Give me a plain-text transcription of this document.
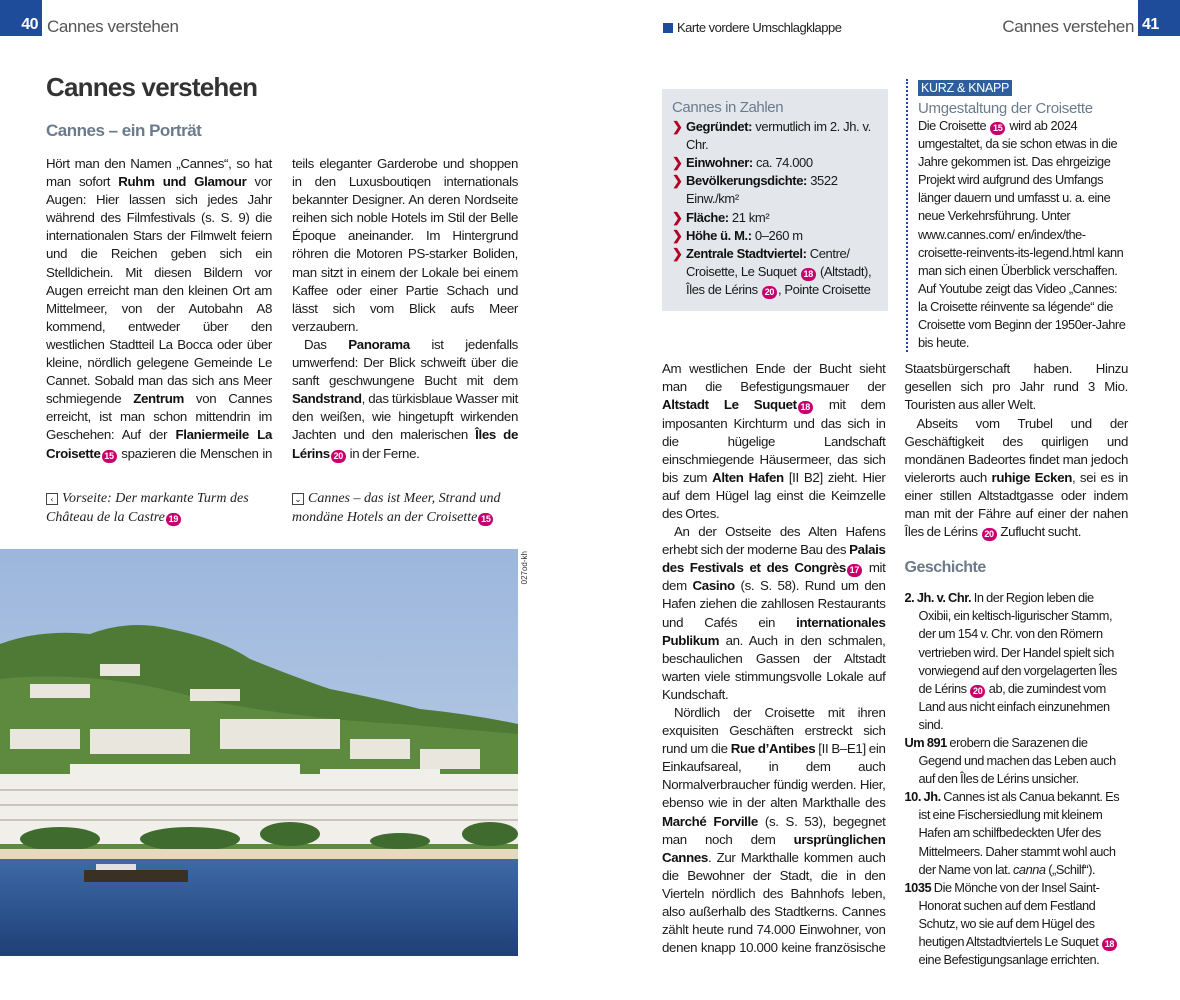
40 Cannes verstehen
Cannes verstehen
Cannes – ein Porträt

Hört man den Namen „Cannes“, so hat man sofort Ruhm und Glamour vor Augen: Hier lassen sich jedes Jahr während des Filmfestivals (s. S. 9) die internationalen Stars der Filmwelt feiern und die Reichen geben sich ein Stelldichein. Mit diesen Bildern vor Augen erreicht man den kleinen Ort am Mittelmeer, von der Autobahn A8 kommend, entweder über den westlichen Stadtteil La Bocca oder über kleine, nördlich gelegene Gemeinde Le Cannet. Sobald man das sich ans Meer schmiegende Zentrum von Cannes erreicht, ist man schon mittendrin im Geschehen: Auf der Flaniermeile La Croisette 15 spazieren die Menschen in teils eleganter Garderobe und shoppen in den Luxusboutiqen internationals bekannter Designer. An deren Nordseite reihen sich noble Hotels im Stil der Belle Époque aneinander. Im Hintergrund röhren die Motoren PS-starker Boliden, man sitzt in einem der Lokale bei einem Kaffee oder einer Partie Schach und lässt sich vom Blick aufs Meer verzaubern.

Das Panorama ist jedenfalls umwerfend: Der Blick schweift über die sanft geschwungene Bucht mit dem Sandstrand, das türkisblaue Wasser mit den weißen, wie hingetupft wirkenden Jachten und den malerischen Îles de Lérins 20 in der Ferne.

‹ Vorseite: Der markante Turm des Château de la Castre 19
⌄ Cannes – das ist Meer, Strand und mondäne Hotels an der Croisette 15
027od-kh
Karte vordere Umschlagklappe	Cannes verstehen 41
Cannes in Zahlen
❯ Gegründet: vermutlich im 2. Jh. v. Chr.
❯ Einwohner: ca. 74.000
❯ Bevölkerungsdichte: 3522 Einw./km²
❯ Fläche: 21 km²
❯ Höhe ü. M.: 0–260 m
❯ Zentrale Stadtviertel: Centre/ Croisette, Le Suquet 18 (Altstadt), Îles de Lérins 20 , Pointe Croisette
KURZ & KNAPP
Umgestaltung der Croisette
Die Croisette 15 wird ab 2024 umgestaltet, da sie schon etwas in die Jahre gekommen ist. Das ehrgeizige Projekt wird aufgrund des Umfangs länger dauern und umfasst u. a. eine neue Verkehrsführung. Unter www.cannes.com/ en/index/the-croisette-reinvents-its-legend.html kann man sich einen Überblick verschaffen. Auf Youtube zeigt das Video „Cannes: la Croisette réinvente sa légende“ die Croisette vom Beginn der 1950er-Jahre bis heute.

Am westlichen Ende der Bucht sieht man die Befestigungsmauer der Altstadt Le Suquet 18 mit dem imposanten Kirchturm und das sich in die hügelige Landschaft einschmiegende Häusermeer, das sich bis zum Alten Hafen [II B2] zieht. Hier auf dem Hügel lag einst die Keimzelle des Ortes.

An der Ostseite des Alten Hafens erhebt sich der moderne Bau des Palais des Festivals et des Congrès 17 mit dem Casino (s. S. 58). Rund um den Hafen ziehen die zahllosen Restaurants und Cafés ein internationales Publikum an. Auch in den schmalen, beschaulichen Gassen der Altstadt warten viele stimmungsvolle Lokale auf Kundschaft.

Nördlich der Croisette mit ihren exquisiten Geschäften erstreckt sich rund um die Rue d’Antibes [II B–E1] ein Einkaufsareal, in dem auch Normalverbraucher fündig werden. Hier, ebenso wie in der alten Markthalle des Marché Forville (s. S. 53), begegnet man noch dem ursprünglichen Cannes. Zur Markthalle kommen auch die Bewohner der Stadt, die in den Vierteln nördlich des Bahnhofs leben, also außerhalb des Stadtkerns. Cannes zählt heute rund 74.000 Einwohner, von denen knapp 10.000 keine französische Staatsbürgerschaft haben. Hinzu gesellen sich pro Jahr rund 3 Mio. Touristen aus aller Welt.

Abseits vom Trubel und der Geschäftigkeit des quirligen und mondänen Badeortes findet man jedoch vielerorts auch ruhige Ecken, sei es in einer stillen Altstadtgasse oder indem man mit der Fähre auf einer der nahen Îles de Lérins 20 Zuflucht sucht.

Geschichte
2. Jh. v. Chr. In der Region leben die Oxibii, ein keltisch-ligurischer Stamm, der um 154 v. Chr. von den Römern vertrieben wird. Der Handel spielt sich vorwiegend auf den vorgelagerten Îles de Lérins 20 ab, die zumindest vom Land aus nicht einfach einzunehmen sind.
Um 891 erobern die Sarazenen die Gegend und machen das Leben auch auf den Îles de Lérins unsicher.
10. Jh. Cannes ist als Canua bekannt. Es ist eine Fischersiedlung mit kleinem Hafen am schilfbedeckten Ufer des Mittelmeers. Daher stammt wohl auch der Name von lat. canna („Schilf“).
1035 Die Mönche von der Insel Saint-Honorat suchen auf dem Festland Schutz, wo sie auf dem Hügel des heutigen Altstadtviertels Le Suquet 18 eine Befestigungsanlage errichten.
